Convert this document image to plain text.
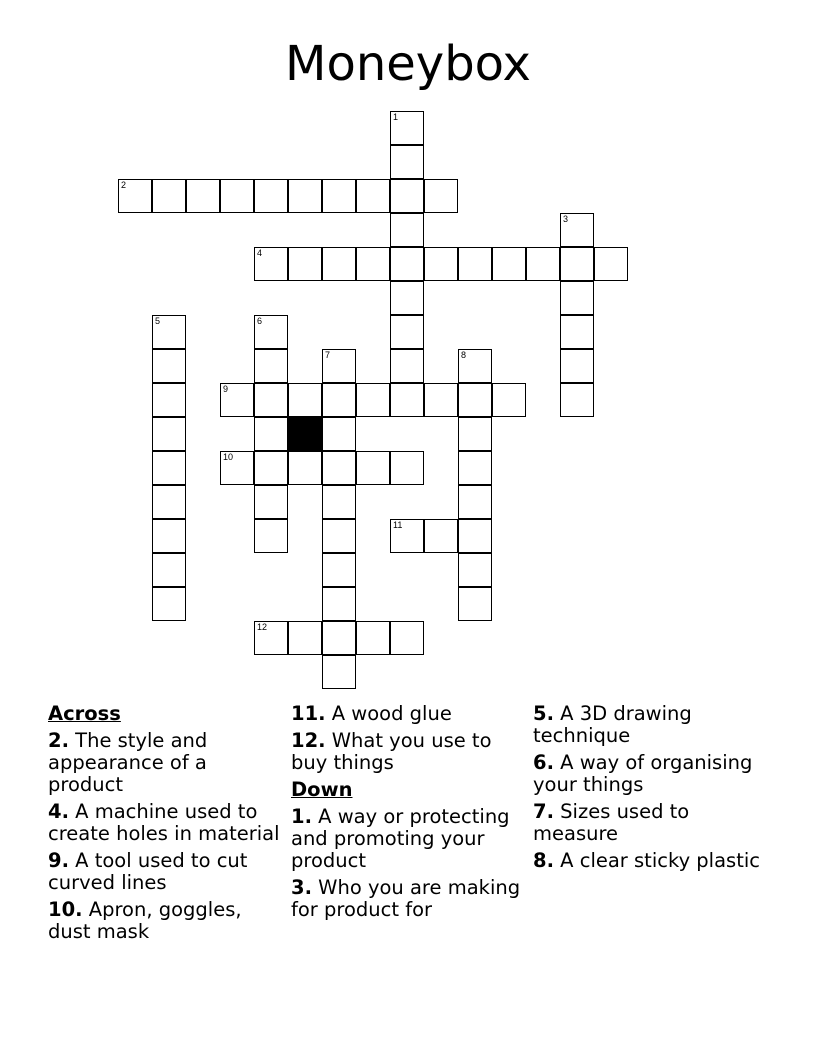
Moneybox
1
2
3
4
5	6
7	8
9
10
11
12
Across
2. The style and appearance of a product
4. A machine used to create holes in material
9. A tool used to cut curved lines
10. Apron, goggles, dust mask
11. A wood glue
12. What you use to buy things
Down
1. A way or protecting and promoting your product
3. Who you are making for product for
5. A 3D drawing technique
6. A way of organising your things
7. Sizes used to measure
8. A clear sticky plastic
